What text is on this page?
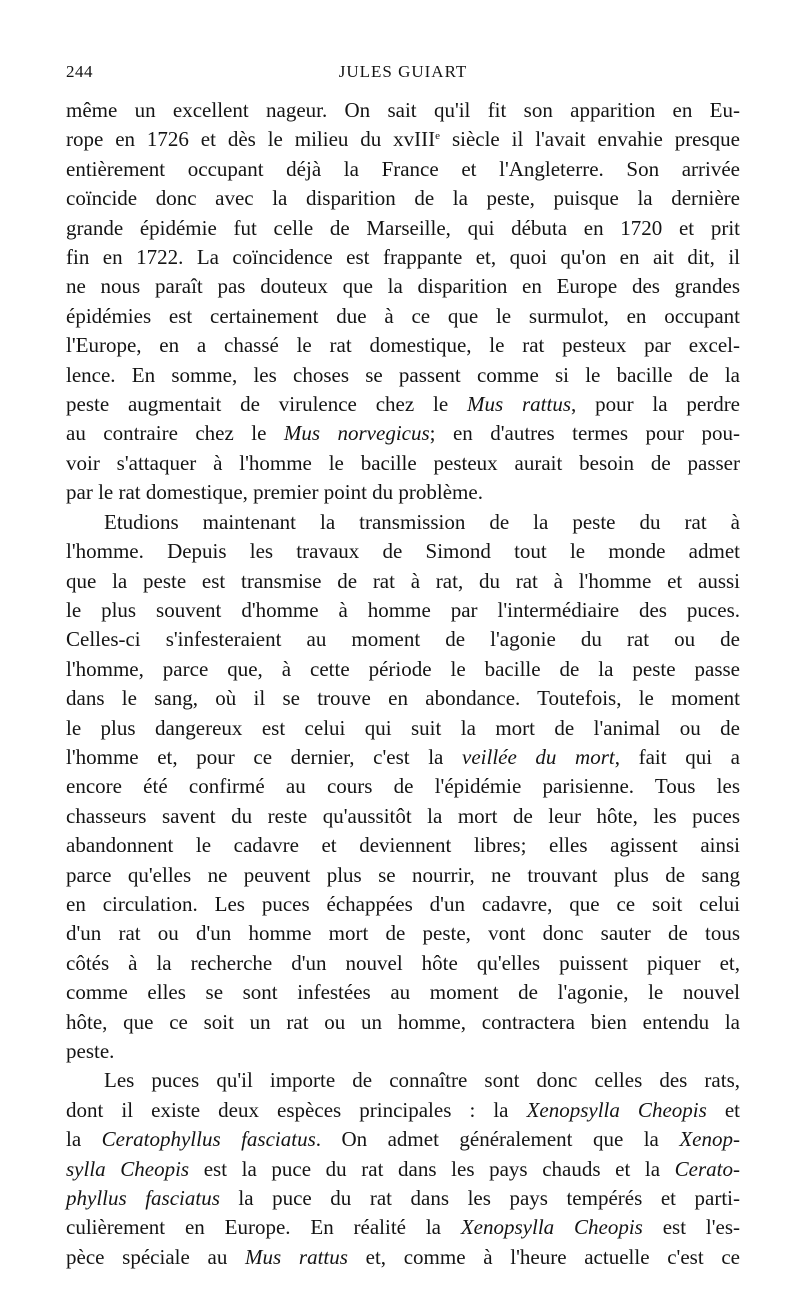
244	JULES GUIART
même un excellent nageur. On sait qu'il fit son apparition en Eu-
rope en 1726 et dès le milieu du xvIII$^e$ siècle il l'avait envahie presque
entièrement occupant déjà la France et l'Angleterre. Son arrivée
coïncide donc avec la disparition de la peste, puisque la dernière
grande épidémie fut celle de Marseille, qui débuta en 1720 et prit
fin en 1722. La coïncidence est frappante et, quoi qu'on en ait dit, il
ne nous paraît pas douteux que la disparition en Europe des grandes
épidémies est certainement due à ce que le surmulot, en occupant
l'Europe, en a chassé le rat domestique, le rat pesteux par excel-
lence. En somme, les choses se passent comme si le bacille de la
peste augmentait de virulence chez le Mus rattus, pour la perdre
au contraire chez le Mus norvegicus; en d'autres termes pour pou-
voir s'attaquer à l'homme le bacille pesteux aurait besoin de passer
par le rat domestique, premier point du problème.
Etudions maintenant la transmission de la peste du rat à
l'homme. Depuis les travaux de Simond tout le monde admet
que la peste est transmise de rat à rat, du rat à l'homme et aussi
le plus souvent d'homme à homme par l'intermédiaire des puces.
Celles-ci s'infesteraient au moment de l'agonie du rat ou de
l'homme, parce que, à cette période le bacille de la peste passe
dans le sang, où il se trouve en abondance. Toutefois, le moment
le plus dangereux est celui qui suit la mort de l'animal ou de
l'homme et, pour ce dernier, c'est la veillée du mort, fait qui a
encore été confirmé au cours de l'épidémie parisienne. Tous les
chasseurs savent du reste qu'aussitôt la mort de leur hôte, les puces
abandonnent le cadavre et deviennent libres; elles agissent ainsi
parce qu'elles ne peuvent plus se nourrir, ne trouvant plus de sang
en circulation. Les puces échappées d'un cadavre, que ce soit celui
d'un rat ou d'un homme mort de peste, vont donc sauter de tous
côtés à la recherche d'un nouvel hôte qu'elles puissent piquer et,
comme elles se sont infestées au moment de l'agonie, le nouvel
hôte, que ce soit un rat ou un homme, contractera bien entendu la
peste.
Les puces qu'il importe de connaître sont donc celles des rats,
dont il existe deux espèces principales : la Xenopsylla Cheopis et
la Ceratophyllus fasciatus. On admet généralement que la Xenop-
sylla Cheopis est la puce du rat dans les pays chauds et la Cerato-
phyllus fasciatus la puce du rat dans les pays tempérés et parti-
culièrement en Europe. En réalité la Xenopsylla Cheopis est l'es-
pèce spéciale au Mus rattus et, comme à l'heure actuelle c'est ce
